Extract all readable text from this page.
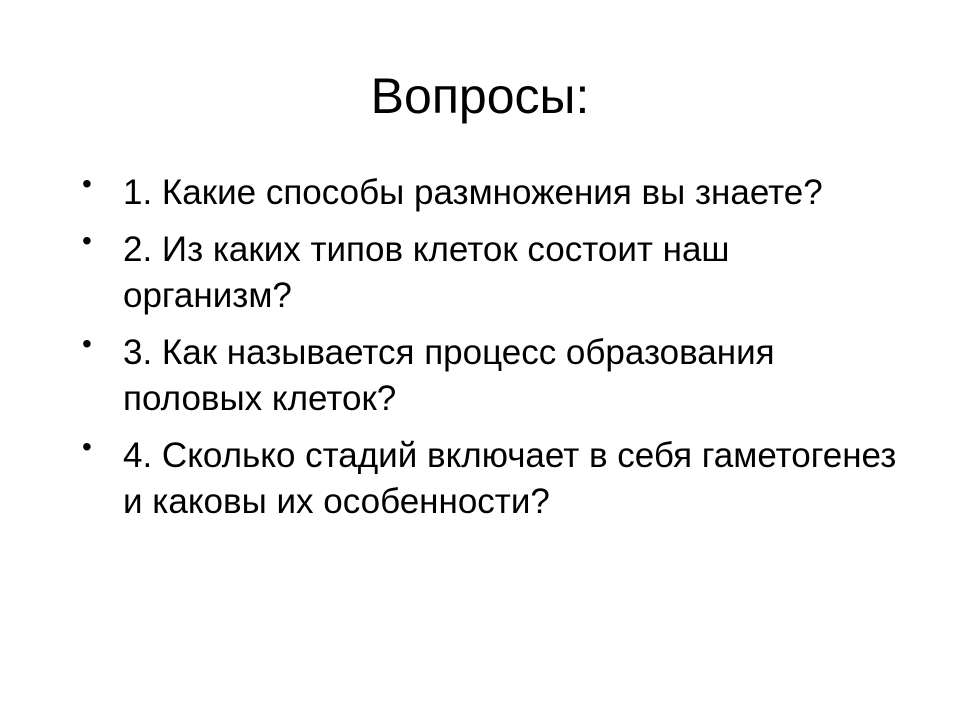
Вопросы:
• 1. Какие способы размножения вы знаете?
• 2. Из каких типов клеток состоит наш организм?
• 3. Как называется процесс образования половых клеток?
• 4. Сколько стадий включает в себя гаметогенез и каковы их особенности?
